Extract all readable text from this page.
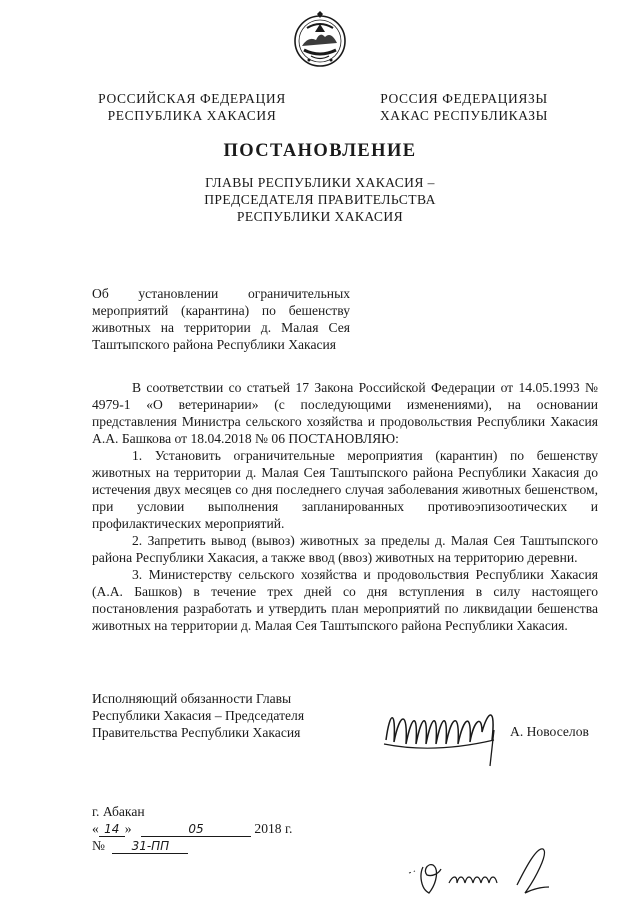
РОССИЙСКАЯ ФЕДЕРАЦИЯ
РЕСПУБЛИКА ХАКАСИЯ
РОССИЯ ФЕДЕРАЦИЯЗЫ
ХАКАС РЕСПУБЛИКАЗЫ
ПОСТАНОВЛЕНИЕ
ГЛАВЫ РЕСПУБЛИКИ ХАКАСИЯ –
ПРЕДСЕДАТЕЛЯ ПРАВИТЕЛЬСТВА
РЕСПУБЛИКИ ХАКАСИЯ
Об установлении ограничительных мероприятий (карантина) по бешенству животных на территории д. Малая Сея Таштыпского района Республики Хакасия

В соответствии со статьей 17 Закона Российской Федерации от 14.05.1993 № 4979-1 «О ветеринарии» (с последующими изменениями), на основании представления Министра сельского хозяйства и продовольствия Республики Хакасия А.А. Башкова от 18.04.2018 № 06 ПОСТАНОВЛЯЮ:

1. Установить ограничительные мероприятия (карантин) по бешенству животных на территории д. Малая Сея Таштыпского района Республики Хакасия до истечения двух месяцев со дня последнего случая заболевания животных бешенством, при условии выполнения запланированных противоэпизоотических и профилактических мероприятий.

2. Запретить вывод (вывоз) животных за пределы д. Малая Сея Таштыпского района Республики Хакасия, а также ввод (ввоз) животных на территорию деревни.

3. Министерству сельского хозяйства и продовольствия Республики Хакасия (А.А. Башков) в течение трех дней со дня вступления в силу настоящего постановления разработать и утвердить план мероприятий по ликвидации бешенства животных на территории д. Малая Сея Таштыпского района Республики Хакасия.

Исполняющий обязанности Главы
Республики Хакасия – Председателя
Правительства Республики Хакасия	А. Новоселов
г. Абакан
« 14 »	05	2018 г.
№ 31-ПП
